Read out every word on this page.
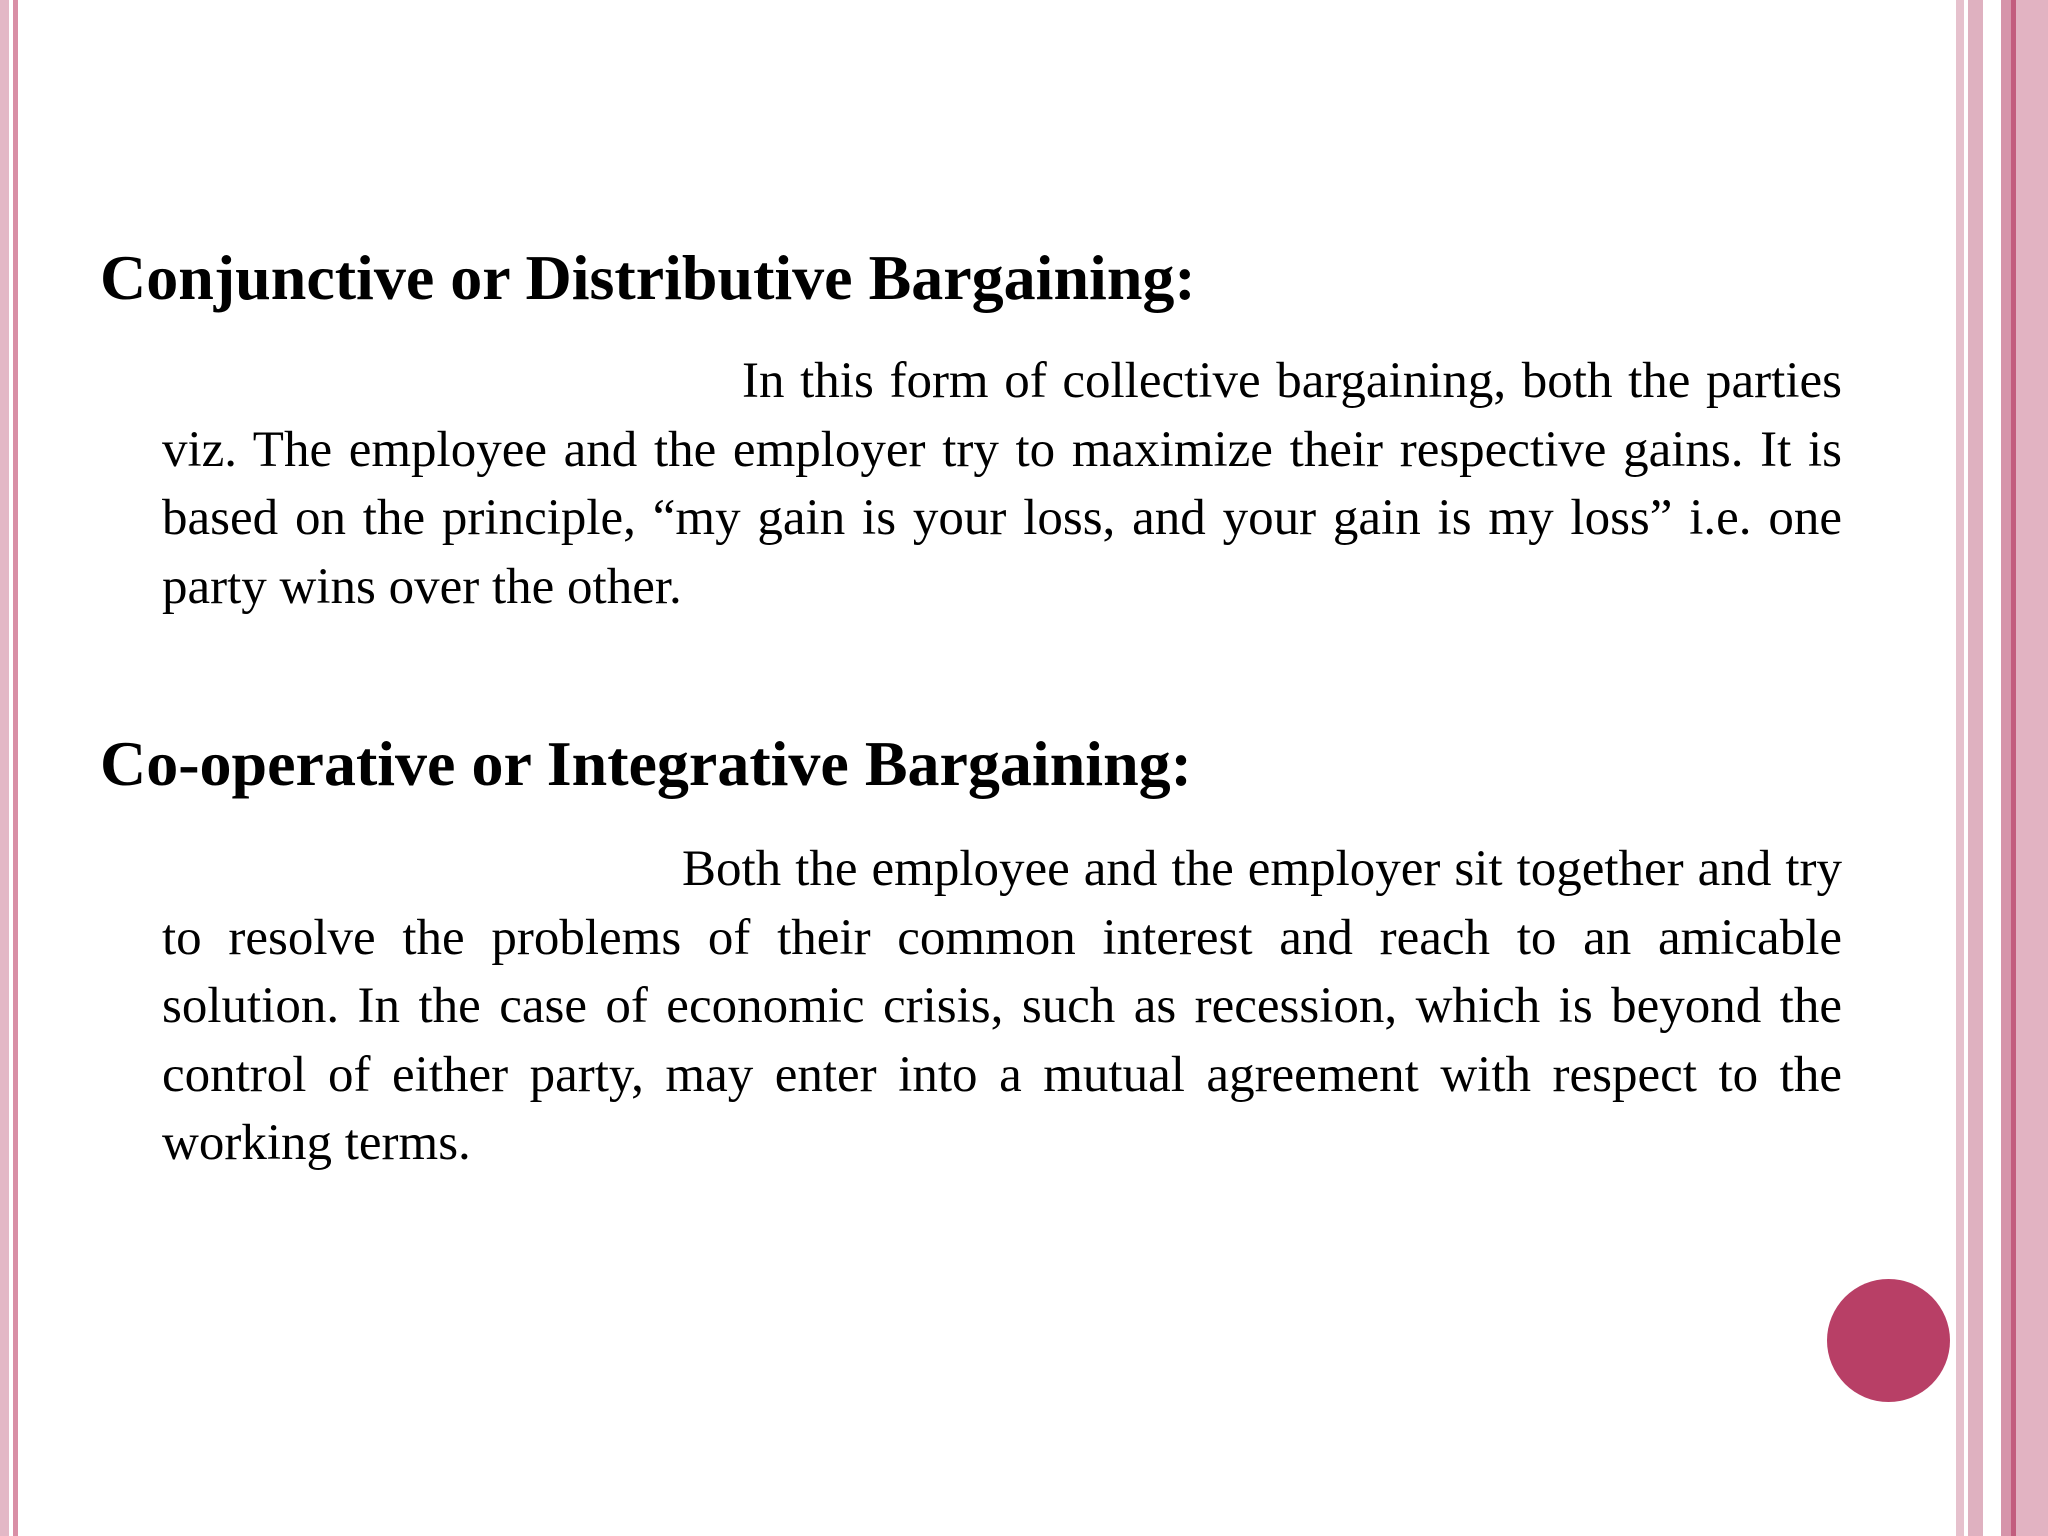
Conjunctive or Distributive Bargaining:

In this form of collective bargaining, both the parties viz. The employee and the employer try to maximize their respective gains. It is based on the principle, “my gain is your loss, and your gain is my loss” i.e. one party wins over the other.

Co-operative or Integrative Bargaining:

Both the employee and the employer sit together and try to resolve the problems of their common interest and reach to an amicable solution. In the case of economic crisis, such as recession, which is beyond the control of either party, may enter into a mutual agreement with respect to the working terms.
